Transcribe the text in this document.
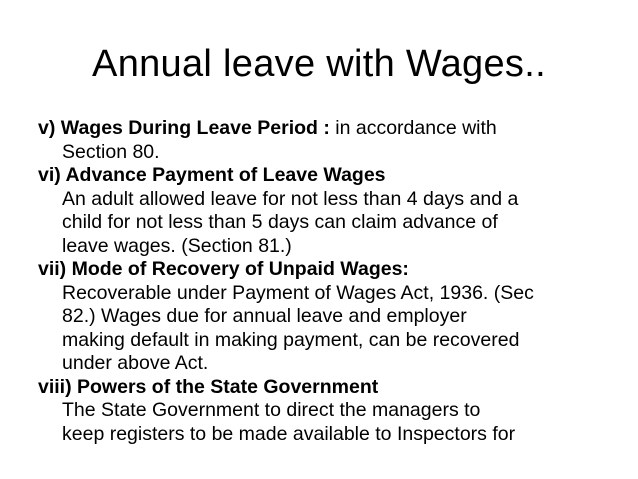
Annual leave with Wages..
v) Wages During Leave Period : in accordance with
Section 80.
vi) Advance Payment of Leave Wages
An adult allowed leave for not less than 4 days and a
child for not less than 5 days can claim advance of
leave wages. (Section 81.)
vii) Mode of Recovery of Unpaid Wages:
Recoverable under Payment of Wages Act, 1936. (Sec
82.) Wages due for annual leave and employer
making default in making payment, can be recovered
under above Act.
viii) Powers of the State Government
The State Government to direct the managers to
keep registers to be made available to Inspectors for
